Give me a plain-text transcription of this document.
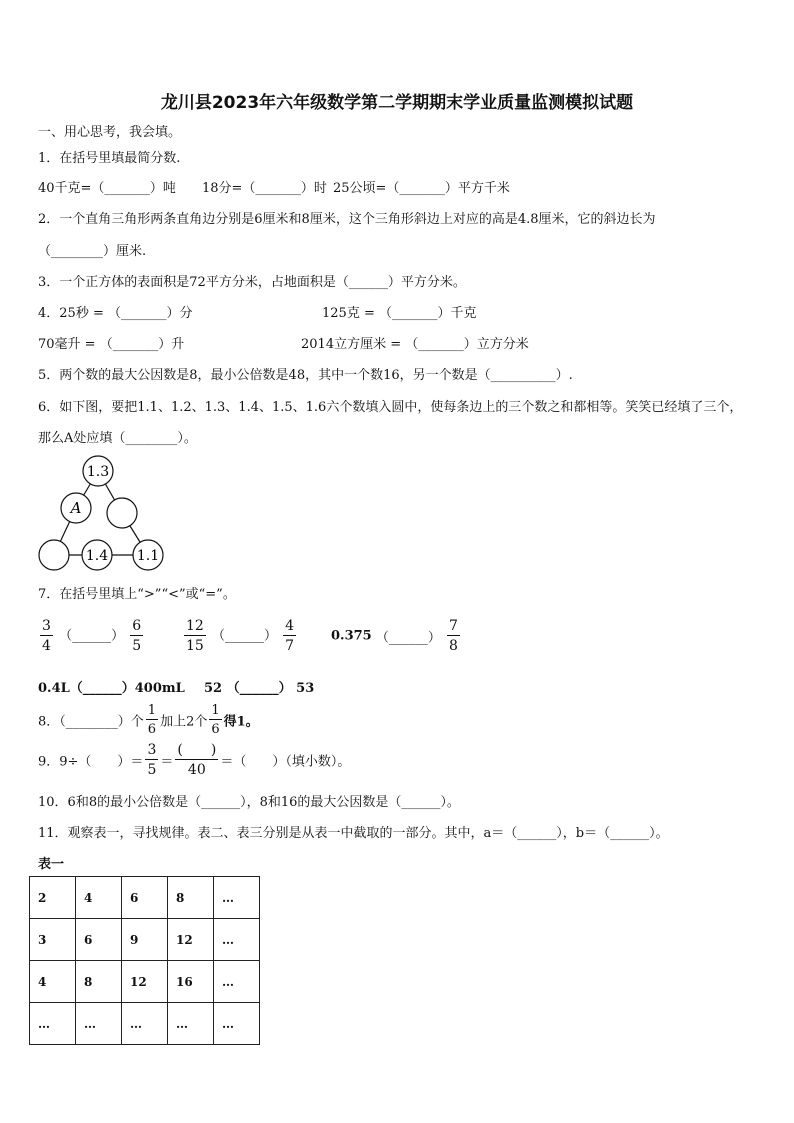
龙川县2023年六年级数学第二学期期末学业质量监测模拟试题
一、用心思考，我会填。
1．在括号里填最简分数.
40千克=（_______）吨 18分=（_______）时 25公顷=（_______）平方千米
2．一个直角三角形两条直角边分别是6厘米和8厘米，这个三角形斜边上对应的高是4.8厘米，它的斜边长为
（________）厘米.
3．一个正方体的表面积是72平方分米，占地面积是（______）平方分米。
4．25秒 = （_______）分	125克 = （_______）千克
70毫升 = （_______）升	2014立方厘米 = （_______）立方分米
5．两个数的最大公因数是8，最小公倍数是48，其中一个数16，另一个数是（__________）.
6．如下图，要把1.1、1.2、1.3、1.4、1.5、1.6六个数填入圆中，使每条边上的三个数之和都相等。笑笑已经填了三个，
那么A处应填（________）。
1.3
A
1.4 1.1
7．在括号里填上“>”“<”或“=”。
$\frac{3}{4}$ （______） $\frac{6}{5}$	$\frac{12}{15}$ （______） $\frac{4}{7}$	0.375 （______） $\frac{7}{8}$
0.4L（______）400mL 52 （______） 53
8．（________）个 $\frac{1}{6}$ 加上2个 $\frac{1}{6}$ 得1。
9．9÷（　　）＝ $\frac{3}{5} = \frac{( )}{40}$ ＝（　　）（填小数）。
10．6和8的最小公倍数是（______），8和16的最大公因数是（______）。
11．观察表一，寻找规律。表二、表三分别是从表一中截取的一部分。其中，a＝（______），b＝（______）。
表一
2	4	6	8	…
3	6	9	12	…
4	8	12	16	…
…	…	…	…	…
